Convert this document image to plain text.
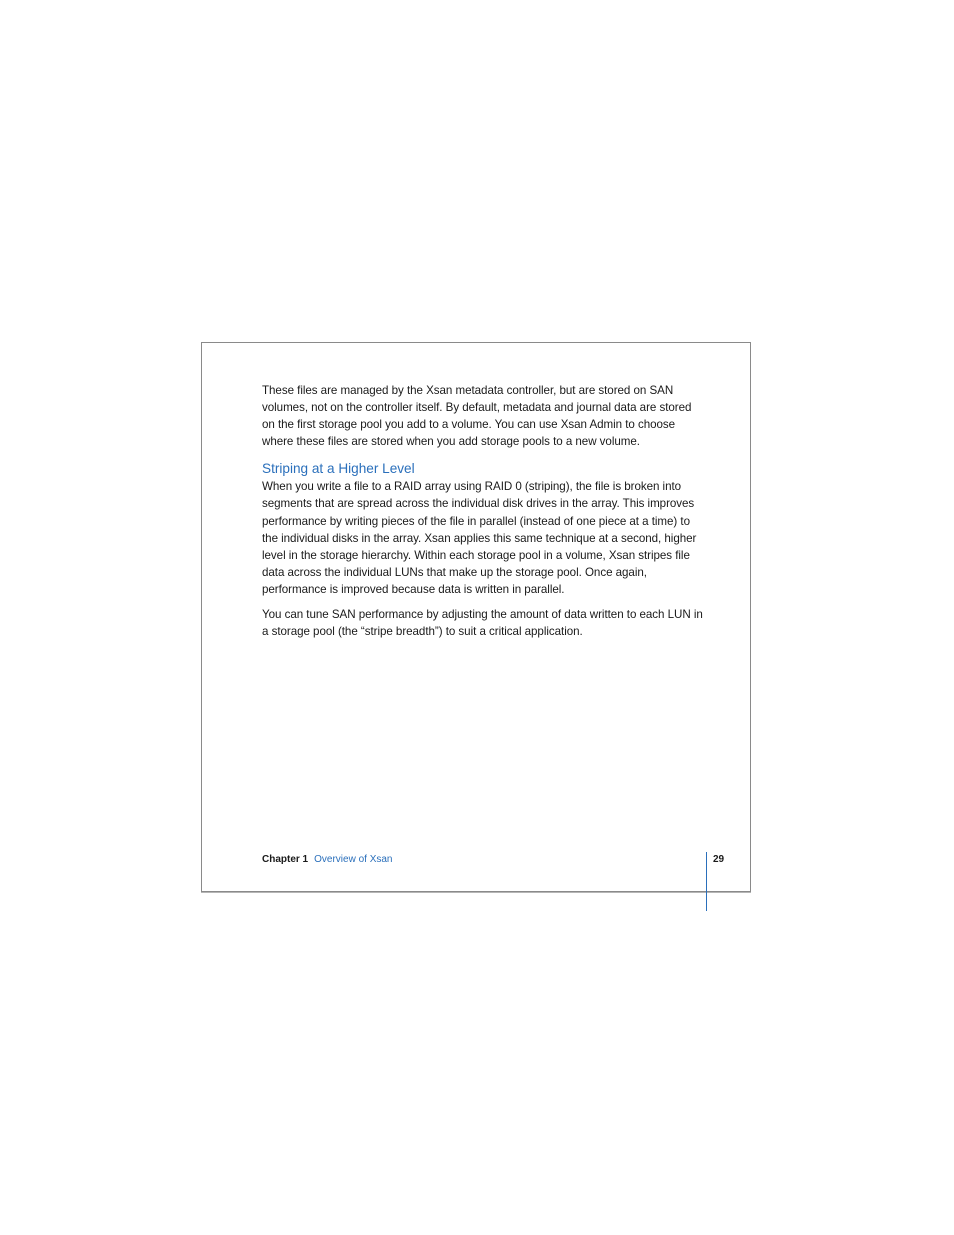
These files are managed by the Xsan metadata controller, but are stored on SAN
volumes, not on the controller itself. By default, metadata and journal data are stored
on the first storage pool you add to a volume. You can use Xsan Admin to choose
where these files are stored when you add storage pools to a new volume.

Striping at a Higher Level

When you write a file to a RAID array using RAID 0 (striping), the file is broken into
segments that are spread across the individual disk drives in the array. This improves
performance by writing pieces of the file in parallel (instead of one piece at a time) to
the individual disks in the array. Xsan applies this same technique at a second, higher
level in the storage hierarchy. Within each storage pool in a volume, Xsan stripes file
data across the individual LUNs that make up the storage pool. Once again,
performance is improved because data is written in parallel.

You can tune SAN performance by adjusting the amount of data written to each LUN in
a storage pool (the “stripe breadth”) to suit a critical application.

Chapter 1 Overview of Xsan	29
